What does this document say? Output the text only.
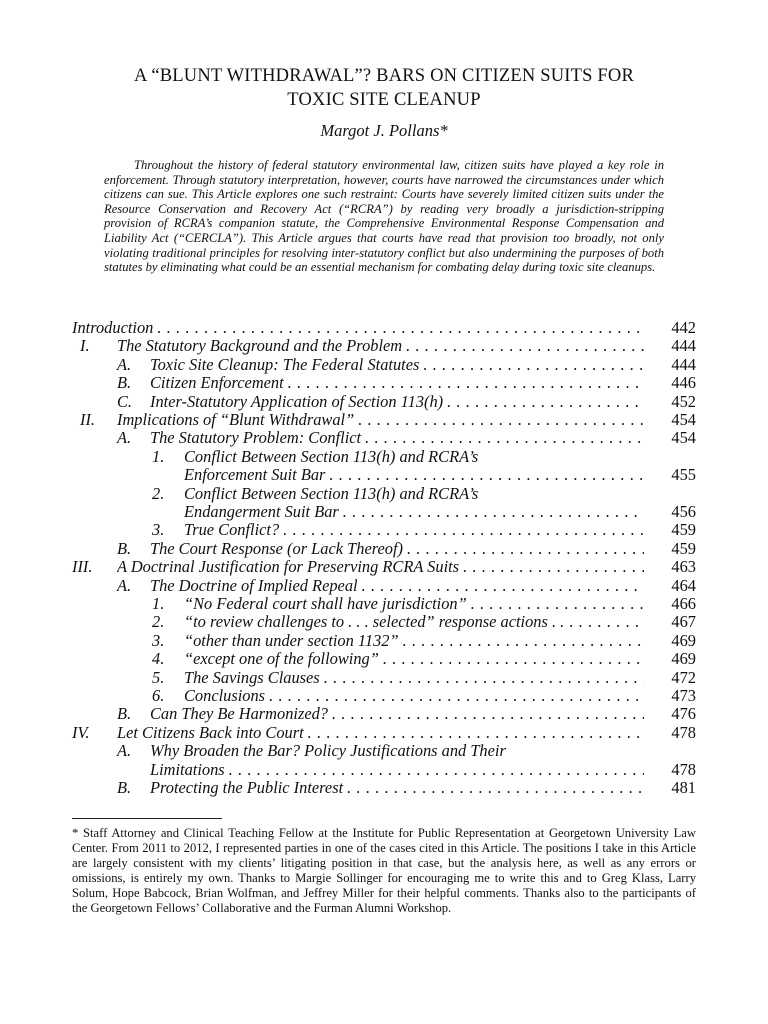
A “BLUNT WITHDRAWAL”? BARS ON CITIZEN SUITS FOR
TOXIC SITE CLEANUP
Margot J. Pollans*

Throughout the history of federal statutory environmental law, citizen suits have played a key role in enforcement. Through statutory interpretation, however, courts have narrowed the circumstances under which citizens can sue. This Article explores one such restraint: Courts have severely limited citizen suits under the Resource Conservation and Recovery Act (“RCRA”) by reading very broadly a jurisdiction-stripping provision of RCRA’s companion statute, the Comprehensive Environmental Response Compensation and Liability Act (“CERCLA”). This Article argues that courts have read that provision too broadly, not only violating traditional principles for resolving inter-statutory conflict but also undermining the purposes of both statutes by eliminating what could be an essential mechanism for combating delay during toxic site cleanups.

Introduction . . .	442
I. The Statutory Background and the Problem . . .	444
A. Toxic Site Cleanup: The Federal Statutes . . .	444
B. Citizen Enforcement . . .	446
C. Inter-Statutory Application of Section 113(h) . . .	452
II. Implications of “Blunt Withdrawal” . . .	454
A. The Statutory Problem: Conflict . . .	454
1. Conflict Between Section 113(h) and RCRA’s
Enforcement Suit Bar . . .	455
2. Conflict Between Section 113(h) and RCRA’s
Endangerment Suit Bar . . .	456
3. True Conflict? . . .	459
B. The Court Response (or Lack Thereof) . . .	459
III. A Doctrinal Justification for Preserving RCRA Suits . . .	463
A. The Doctrine of Implied Repeal . . .	464
1. “No Federal court shall have jurisdiction” . . .	466
2. “to review challenges to . . . selected” response actions . . . .	467
3. “other than under section 1132” . . .	469
4. “except one of the following” . . .	469
5. The Savings Clauses . . .	472
6. Conclusions . . .	473
B. Can They Be Harmonized? . . .	476
IV. Let Citizens Back into Court . . .	478
A. Why Broaden the Bar? Policy Justifications and Their
Limitations . . .	478
B. Protecting the Public Interest . . .	481

* Staff Attorney and Clinical Teaching Fellow at the Institute for Public Representation at Georgetown University Law Center. From 2011 to 2012, I represented parties in one of the cases cited in this Article. The positions I take in this Article are largely consistent with my clients’ litigating position in that case, but the analysis here, as well as any errors or omissions, is entirely my own. Thanks to Margie Sollinger for encouraging me to write this and to Greg Klass, Larry Solum, Hope Babcock, Brian Wolfman, and Jeffrey Miller for their helpful comments. Thanks also to the participants of the Georgetown Fellows’ Collaborative and the Furman Alumni Workshop.
